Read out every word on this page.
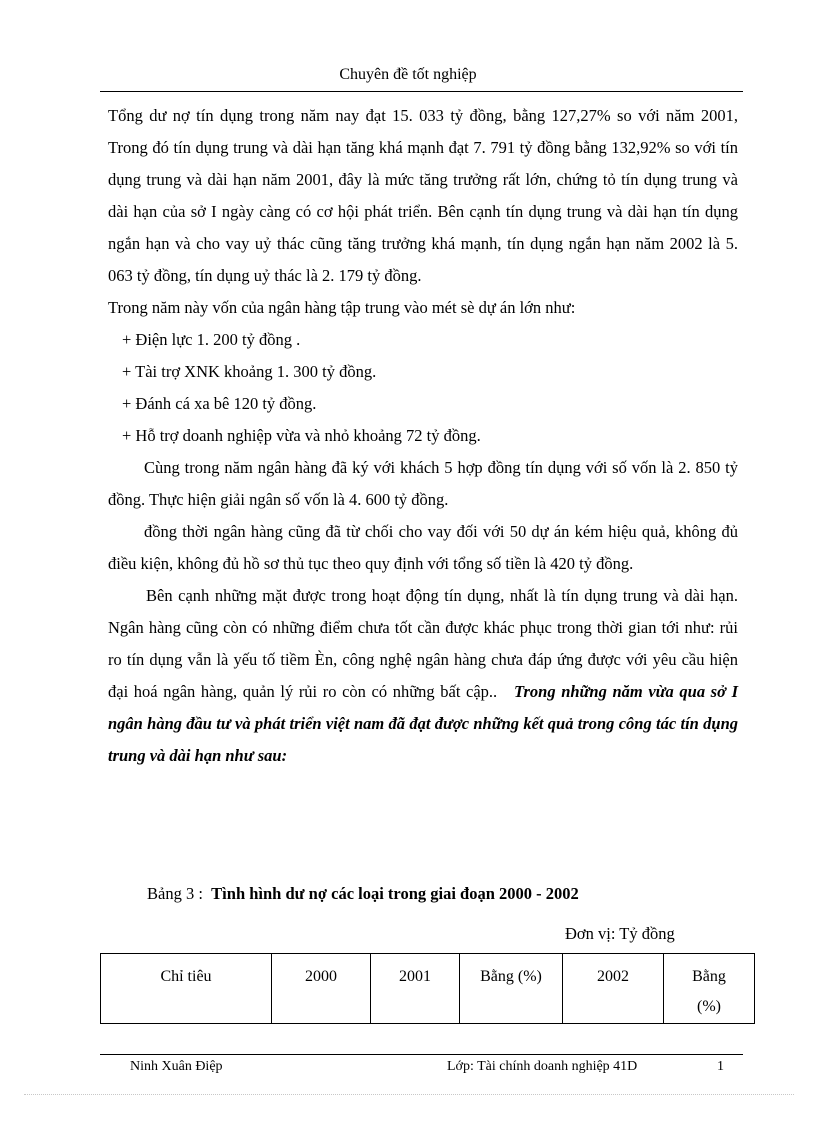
Chuyên đề tốt nghiệp

Tổng dư nợ tín dụng trong năm nay đạt 15. 033 tỷ đồng, bằng 127,27% so với năm 2001, Trong đó tín dụng trung và dài hạn tăng khá mạnh đạt 7. 791 tỷ đồng bằng 132,92% so với tín dụng trung và dài hạn năm 2001, đây là mức tăng trưởng rất lớn, chứng tỏ tín dụng trung và dài hạn của sở I ngày càng có cơ hội phát triển. Bên cạnh tín dụng trung và dài hạn tín dụng ngắn hạn và cho vay uỷ thác cũng tăng trưởng khá mạnh, tín dụng ngắn hạn năm 2002 là 5. 063 tỷ đồng, tín dụng uỷ thác là 2. 179 tỷ đồng.

Trong năm này vốn của ngân hàng tập trung vào mét sè dự án lớn như:

+ Điện lực 1. 200 tỷ đồng .

+ Tài trợ XNK khoảng 1. 300 tỷ đồng.

+ Đánh cá xa bê 120 tỷ đồng.

+ Hỗ trợ doanh nghiệp vừa và nhỏ khoảng 72 tỷ đồng.

Cùng trong năm ngân hàng đã ký với khách 5 hợp đồng tín dụng với số vốn là 2. 850 tỷ đồng. Thực hiện giải ngân số vốn là 4. 600 tỷ đồng.

đồng thời ngân hàng cũng đã từ chối cho vay đối với 50 dự án kém hiệu quả, không đủ điều kiện, không đủ hồ sơ thủ tục theo quy định với tổng số tiền là 420 tỷ đồng.

Bên cạnh những mặt được trong hoạt động tín dụng, nhất là tín dụng trung và dài hạn. Ngân hàng cũng còn có những điểm chưa tốt cần được khác phục trong thời gian tới như: rủi ro tín dụng vẫn là yếu tố tiềm Èn, công nghệ ngân hàng chưa đáp ứng được với yêu cầu hiện đại hoá ngân hàng, quản lý rủi ro còn có những bất cập.. Trong những năm vừa qua sở I ngân hàng đầu tư và phát triển việt nam đã đạt được những kết quả trong công tác tín dụng trung và dài hạn như sau:

Bảng 3 : Tình hình dư nợ các loại trong giai đoạn 2000 - 2002
Đơn vị: Tỷ đồng
Chỉ tiêu	2000	2001	Bằng (%)	2002	Bằng (%)
Ninh Xuân Điệp	Lớp: Tài chính doanh nghiệp 41D	1
